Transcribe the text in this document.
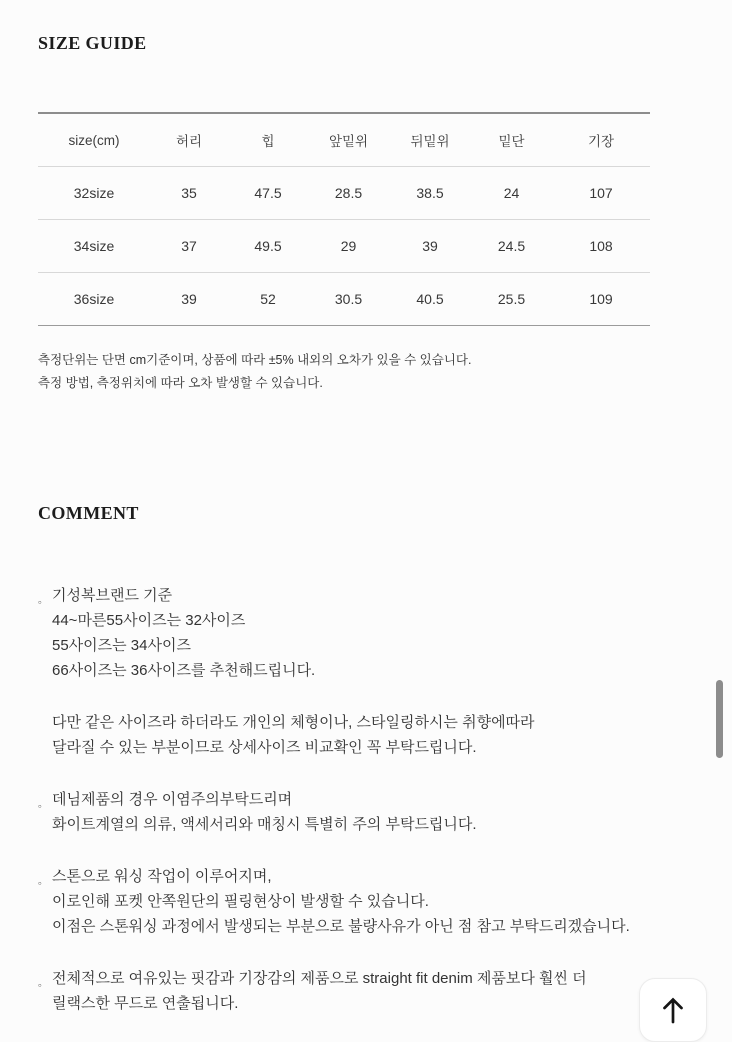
SIZE GUIDE
size(cm)	허리	힙	앞밑위	뒤밑위	밑단	기장
32size	35	47.5	28.5	38.5	24	107
34size	37	49.5	29	39	24.5	108
36size	39	52	30.5	40.5	25.5	109
측정단위는 단면 cm기준이며, 상품에 따라 ±5% 내외의 오차가 있을 수 있습니다.
측정 방법, 측정위치에 따라 오차 발생할 수 있습니다.
COMMENT
。 기성복브랜드 기준
44~마른55사이즈는 32사이즈
55사이즈는 34사이즈
66사이즈는 36사이즈를 추천해드립니다.
다만 같은 사이즈라 하더라도 개인의 체형이나, 스타일링하시는 취향에따라
달라질 수 있는 부분이므로 상세사이즈 비교확인 꼭 부탁드립니다.
。 데님제품의 경우 이염주의부탁드리며
화이트계열의 의류, 액세서리와 매칭시 특별히 주의 부탁드립니다.
。 스톤으로 워싱 작업이 이루어지며,
이로인해 포켓 안쪽원단의 필링현상이 발생할 수 있습니다.
이점은 스톤워싱 과정에서 발생되는 부분으로 불량사유가 아닌 점 참고 부탁드리겠습니다.
。 전체적으로 여유있는 핏감과 기장감의 제품으로 straight fit denim 제품보다 훨씬 더
릴랙스한 무드로 연출됩니다.
